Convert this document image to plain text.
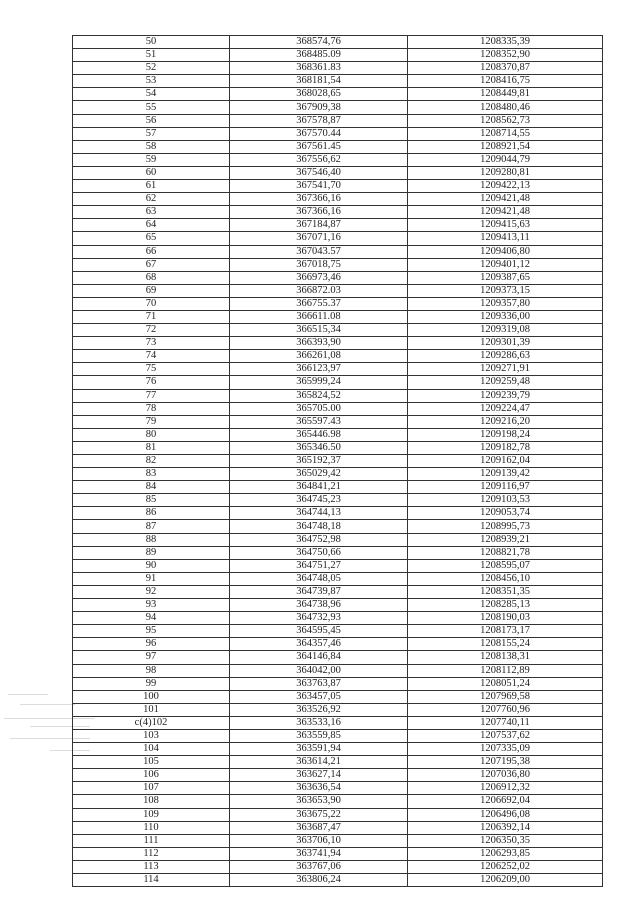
50	368574,76	1208335,39
51	368485.09	1208352,90
52	368361.83	1208370,87
53	368181,54	1208416,75
54	368028,65	1208449,81
55	367909,38	1208480,46
56	367578,87	1208562,73
57	367570.44	1208714,55
58	367561.45	1208921,54
59	367556,62	1209044,79
60	367546,40	1209280,81
61	367541,70	1209422,13
62	367366,16	1209421,48
63	367366,16	1209421,48
64	367184,87	1209415,63
65	367071,16	1209413,11
66	367043.57	1209406,80
67	367018,75	1209401,12
68	366973,46	1209387,65
69	366872.03	1209373,15
70	366755.37	1209357,80
71	366611.08	1209336,00
72	366515,34	1209319,08
73	366393,90	1209301,39
74	366261,08	1209286,63
75	366123,97	1209271,91
76	365999,24	1209259,48
77	365824,52	1209239,79
78	365705.00	1209224,47
79	365597.43	1209216,20
80	365446.98	1209198,24
81	365346.50	1209182,78
82	365192,37	1209162,04
83	365029,42	1209139,42
84	364841,21	1209116,97
85	364745,23	1209103,53
86	364744,13	1209053,74
87	364748,18	1208995,73
88	364752,98	1208939,21
89	364750,66	1208821,78
90	364751,27	1208595,07
91	364748,05	1208456,10
92	364739,87	1208351,35
93	364738,96	1208285,13
94	364732,93	1208190,03
95	364595,45	1208173,17
96	364357,46	1208155,24
97	364146,84	1208138,31
98	364042,00	1208112,89
99	363763,87	1208051,24
100	363457,05	1207969,58
101	363526,92	1207760,96
c(4)102	363533,16	1207740,11
103	363559,85	1207537,62
104	363591,94	1207335,09
105	363614,21	1207195,38
106	363627,14	1207036,80
107	363636,54	1206912,32
108	363653,90	1206692,04
109	363675,22	1206496,08
110	363687,47	1206392,14
111	363706,10	1206350,35
112	363741,94	1206293,85
113	363767,06	1206252,02
114	363806,24	1206209,00
